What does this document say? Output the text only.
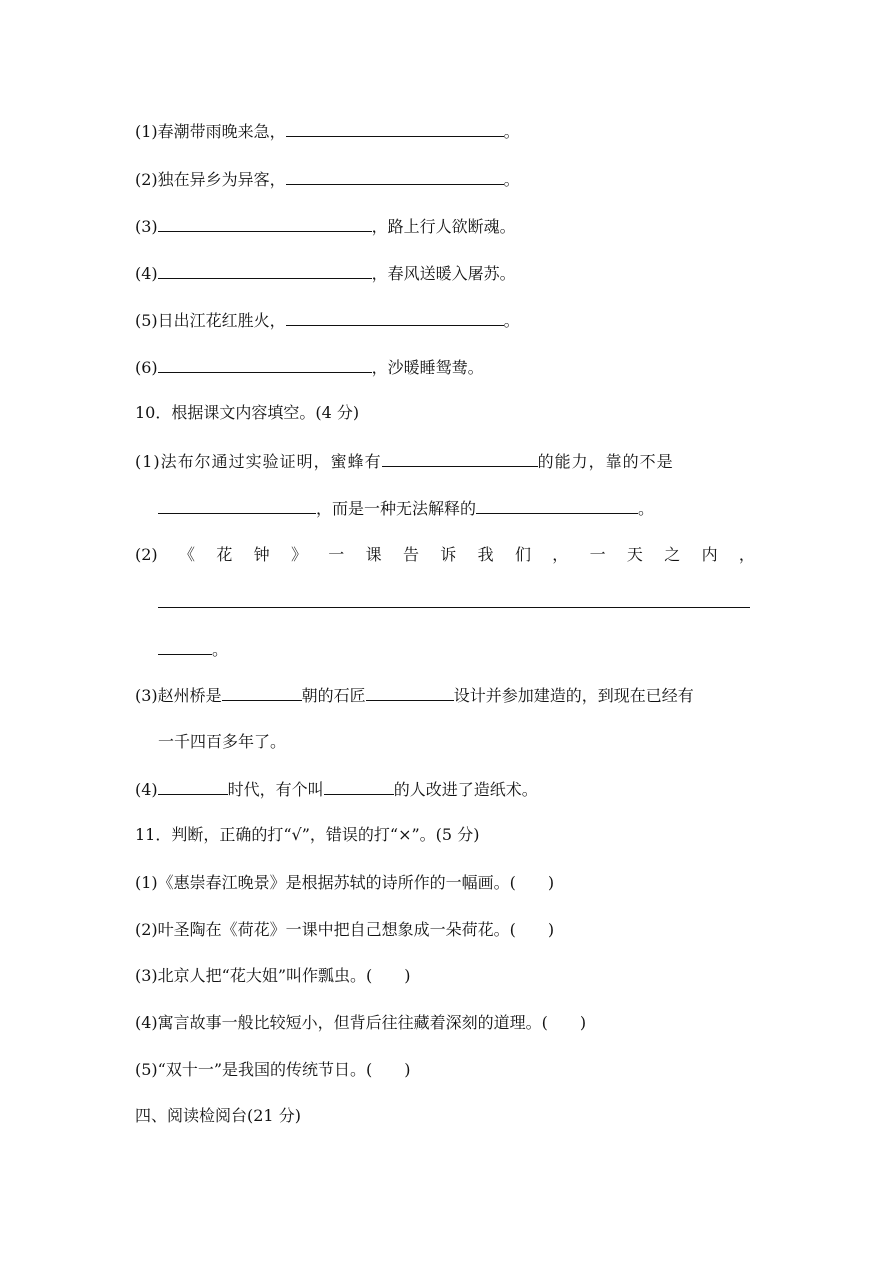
(1)春潮带雨晚来急，	。
(2)独在异乡为异客，	。
(3)	，路上行人欲断魂。
(4)	，春风送暖入屠苏。
(5)日出江花红胜火，	。
(6)	，沙暖睡鸳鸯。
10．根据课文内容填空。(4 分)
(1)法布尔通过实验证明，蜜蜂有	的能力，靠的不是
，而是一种无法解释的	。
(2) 《 花 钟 》 一 课 告 诉 我 们 ， 一 天 之 内 ，
。
(3)赵州桥是	朝的石匠	设计并参加建造的，到现在已经有
一千四百多年了。
(4)	时代，有个叫	的人改进了造纸术。
11．判断，正确的打“√”，错误的打“×”。(5 分)
(1)《惠崇春江晚景》是根据苏轼的诗所作的一幅画。(　　)
(2)叶圣陶在《荷花》一课中把自己想象成一朵荷花。(　　)
(3)北京人把“花大姐”叫作瓢虫。(　　)
(4)寓言故事一般比较短小，但背后往往藏着深刻的道理。(　　)
(5)“双十一”是我国的传统节日。(　　)
四、阅读检阅台(21 分)
